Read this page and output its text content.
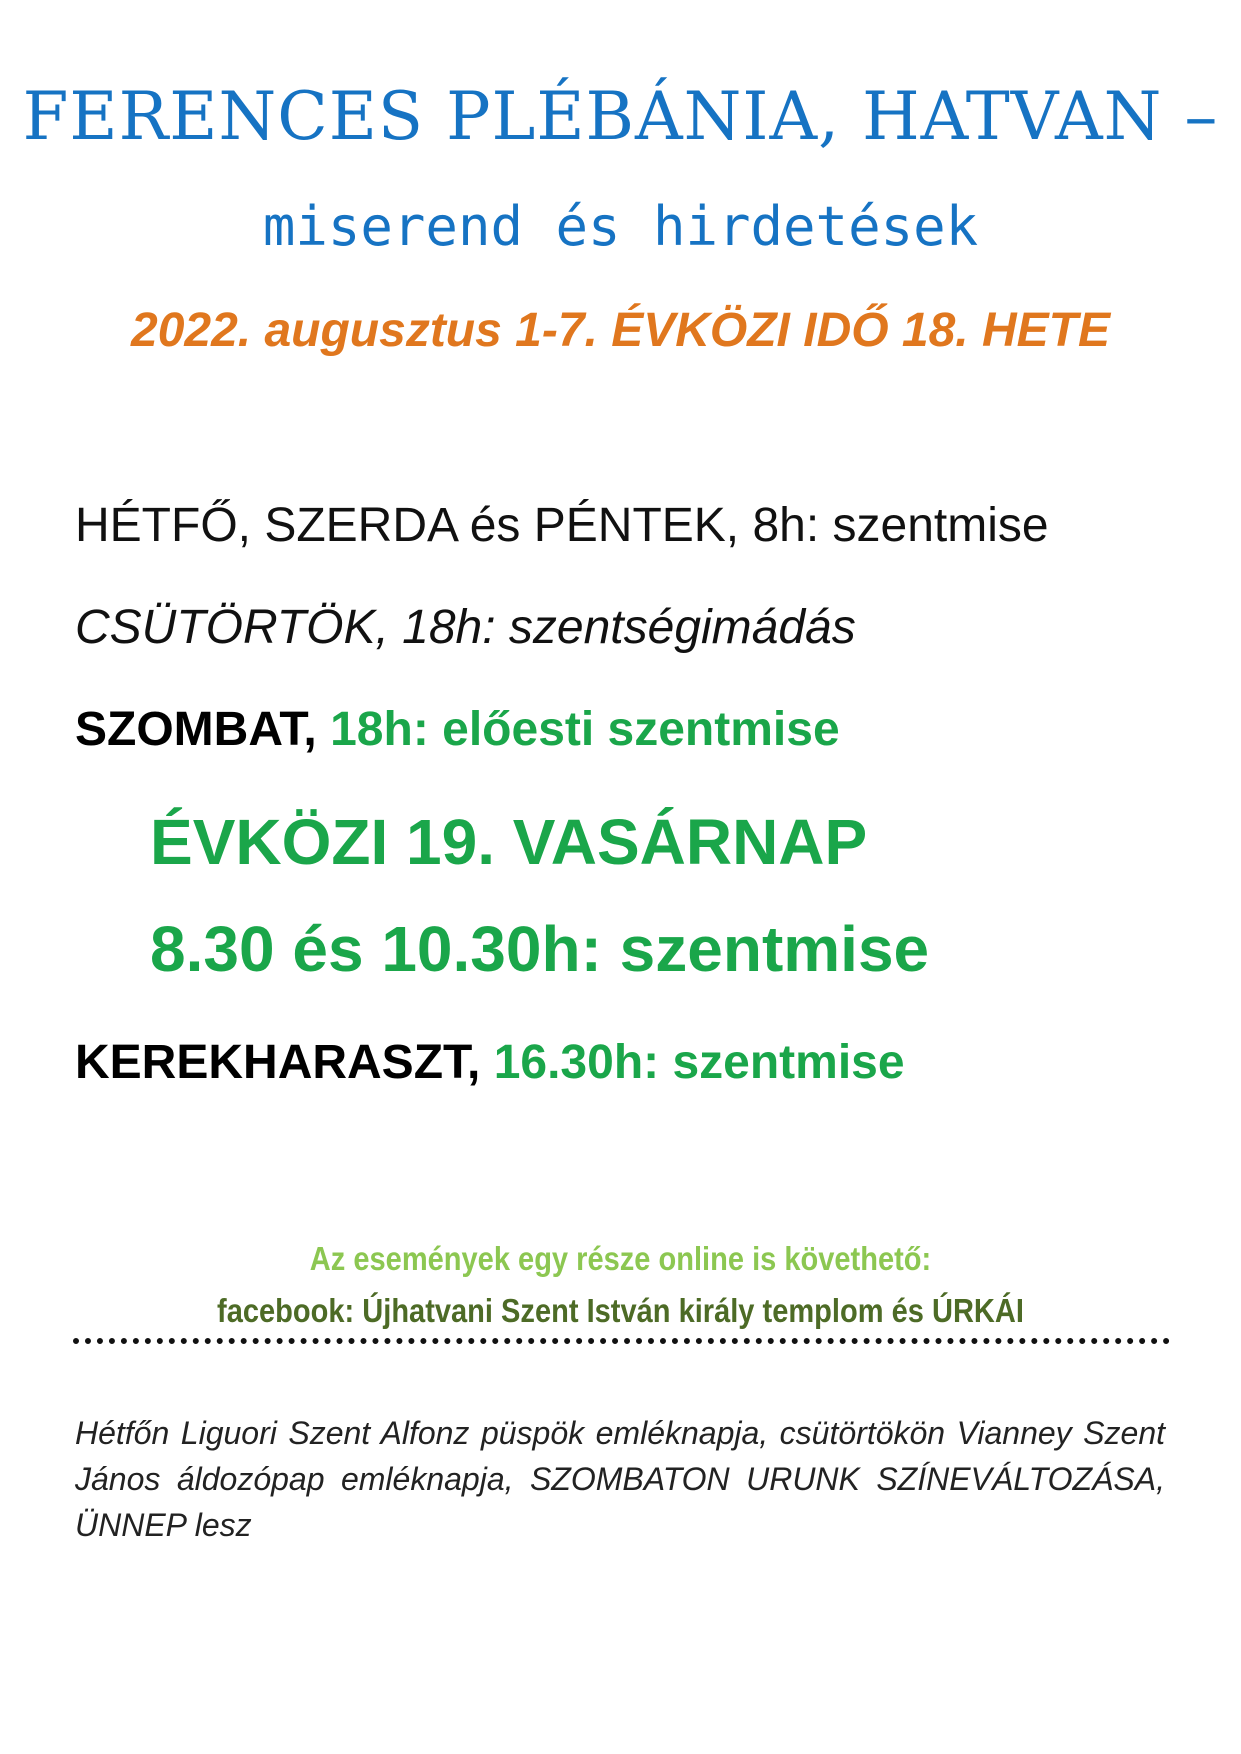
FERENCES PLÉBÁNIA, HATVAN –
miserend és hirdetések
2022. augusztus 1-7. ÉVKÖZI IDŐ 18. HETE
HÉTFŐ, SZERDA és PÉNTEK, 8h: szentmise
CSÜTÖRTÖK, 18h: szentségimádás
SZOMBAT, 18h: előesti szentmise
ÉVKÖZI 19. VASÁRNAP
8.30 és 10.30h: szentmise
KEREKHARASZT, 16.30h: szentmise
Az események egy része online is követhető:
facebook: Újhatvani Szent István király templom és ÚRKÁI
Hétfőn Liguori Szent Alfonz püspök emléknapja, csütörtökön Vianney Szent János áldozópap emléknapja, SZOMBATON URUNK SZÍNEVÁLTOZÁSA, ÜNNEP lesz
